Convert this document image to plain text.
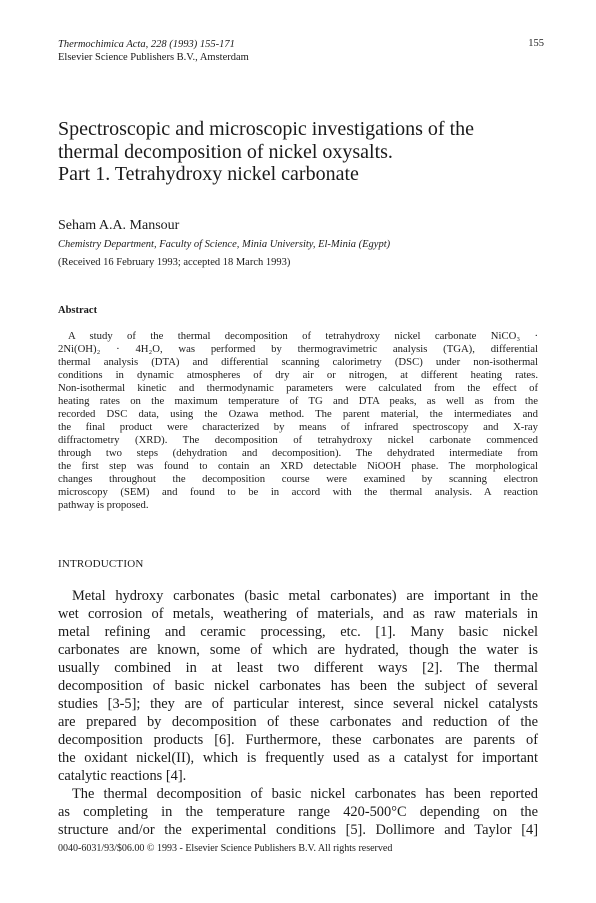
Thermochimica Acta, 228 (1993) 155-171
Elsevier Science Publishers B.V., Amsterdam
155
Spectroscopic and microscopic investigations of the
thermal decomposition of nickel oxysalts.
Part 1. Tetrahydroxy nickel carbonate
Seham A.A. Mansour
Chemistry Department, Faculty of Science, Minia University, El-Minia (Egypt)
(Received 16 February 1993; accepted 18 March 1993)
Abstract
A study of the thermal decomposition of tetrahydroxy nickel carbonate NiCO₃ ·
2Ni(OH)₂ · 4H₂O, was performed by thermogravimetric analysis (TGA), differential
thermal analysis (DTA) and differential scanning calorimetry (DSC) under non-isothermal
conditions in dynamic atmospheres of dry air or nitrogen, at different heating rates.
Non-isothermal kinetic and thermodynamic parameters were calculated from the effect of
heating rates on the maximum temperature of TG and DTA peaks, as well as from the
recorded DSC data, using the Ozawa method. The parent material, the intermediates and
the final product were characterized by means of infrared spectroscopy and X-ray
diffractometry (XRD). The decomposition of tetrahydroxy nickel carbonate commenced
through two steps (dehydration and decomposition). The dehydrated intermediate from
the first step was found to contain an XRD detectable NiOOH phase. The morphological
changes throughout the decomposition course were examined by scanning electron
microscopy (SEM) and found to be in accord with the thermal analysis. A reaction
pathway is proposed.
INTRODUCTION
Metal hydroxy carbonates (basic metal carbonates) are important in the
wet corrosion of metals, weathering of materials, and as raw materials in
metal refining and ceramic processing, etc. [1]. Many basic nickel
carbonates are known, some of which are hydrated, though the water is
usually combined in at least two different ways [2]. The thermal
decomposition of basic nickel carbonates has been the subject of several
studies [3-5]; they are of particular interest, since several nickel catalysts
are prepared by decomposition of these carbonates and reduction of the
decomposition products [6]. Furthermore, these carbonates are parents of
the oxidant nickel(II), which is frequently used as a catalyst for important
catalytic reactions [4].
The thermal decomposition of basic nickel carbonates has been reported
as completing in the temperature range 420-500°C depending on the
structure and/or the experimental conditions [5]. Dollimore and Taylor [4]
0040-6031/93/$06.00 © 1993 - Elsevier Science Publishers B.V. All rights reserved
